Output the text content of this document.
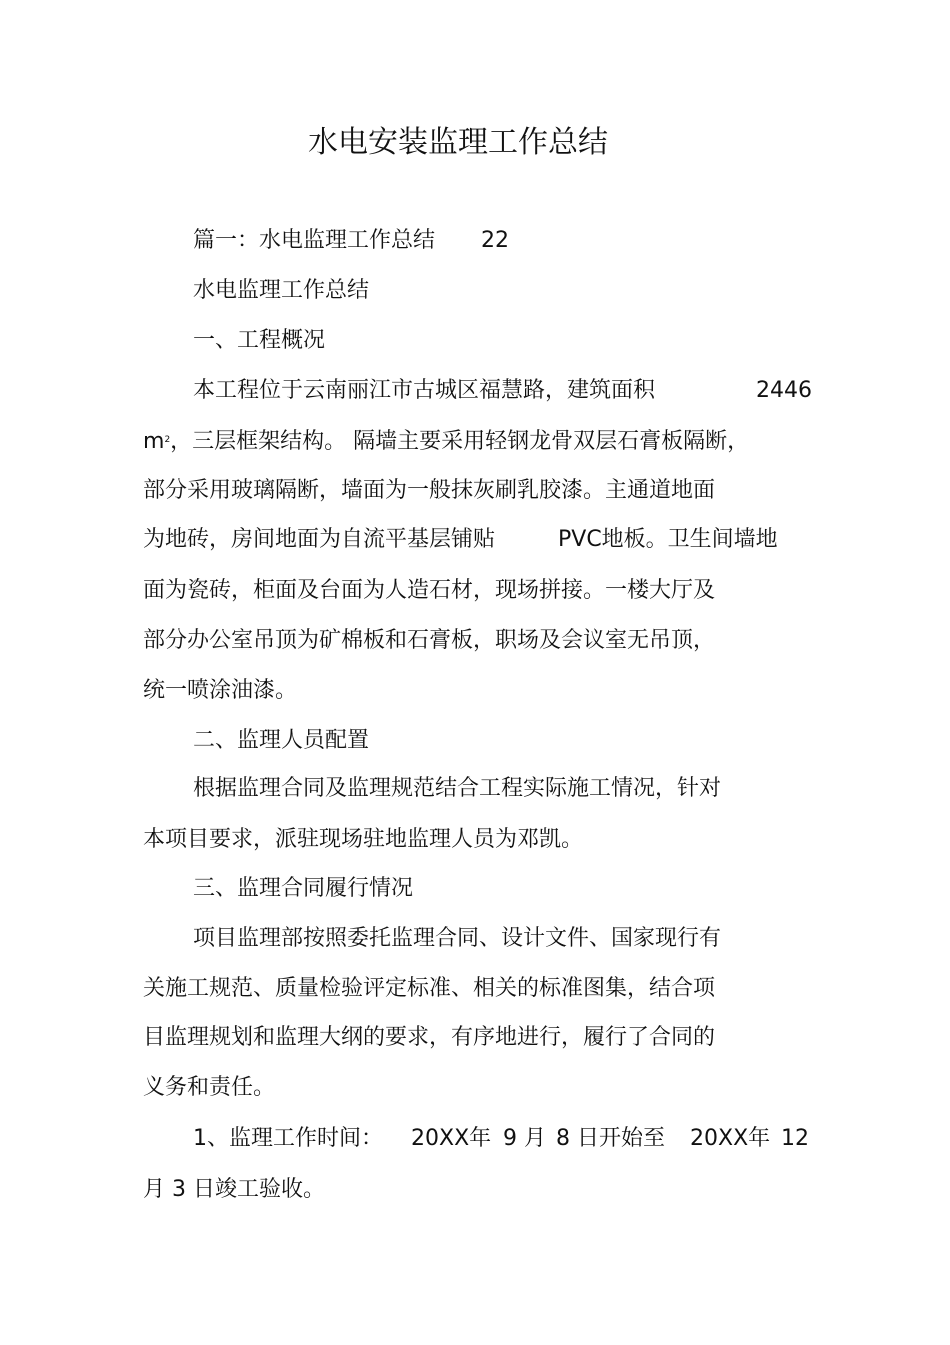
水电安装监理工作总结
篇一：水电监理工作总结 22
水电监理工作总结
一、工程概况
本工程位于云南丽江市古城区福慧路，建筑面积	2446
$m^2$，三层框架结构。 隔墙主要采用轻钢龙骨双层石膏板隔断，
部分采用玻璃隔断，墙面为一般抹灰刷乳胶漆。主通道地面
为地砖，房间地面为自流平基层铺贴	PVC地板。卫生间墙地
面为瓷砖，柜面及台面为人造石材，现场拼接。一楼大厅及
部分办公室吊顶为矿棉板和石膏板，职场及会议室无吊顶，
统一喷涂油漆。
二、监理人员配置
根据监理合同及监理规范结合工程实际施工情况，针对
本项目要求，派驻现场驻地监理人员为邓凯。
三、监理合同履行情况
项目监理部按照委托监理合同、设计文件、国家现行有
关施工规范、质量检验评定标准、相关的标准图集，结合项
目监理规划和监理大纲的要求，有序地进行，履行了合同的
义务和责任。
1、监理工作时间： 20XX年 9 月 8 日开始至 20XX年 12
月 3 日竣工验收。
